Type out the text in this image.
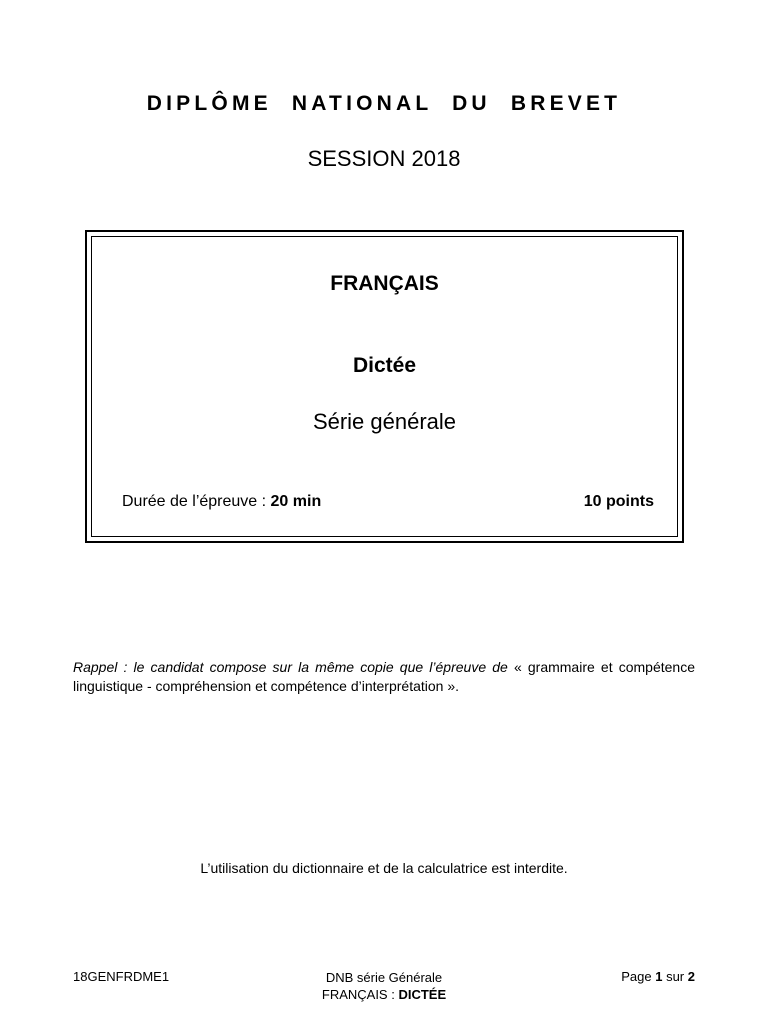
DIPLÔME NATIONAL DU BREVET
SESSION 2018
FRANÇAIS
Dictée
Série générale
Durée de l’épreuve : 20 min	10 points
Rappel : le candidat compose sur la même copie que l’épreuve de « grammaire et compétence linguistique - compréhension et compétence d’interprétation ».
L’utilisation du dictionnaire et de la calculatrice est interdite.
18GENFRDME1	DNB série Générale
FRANÇAIS : DICTÉE
Page 1 sur 2
